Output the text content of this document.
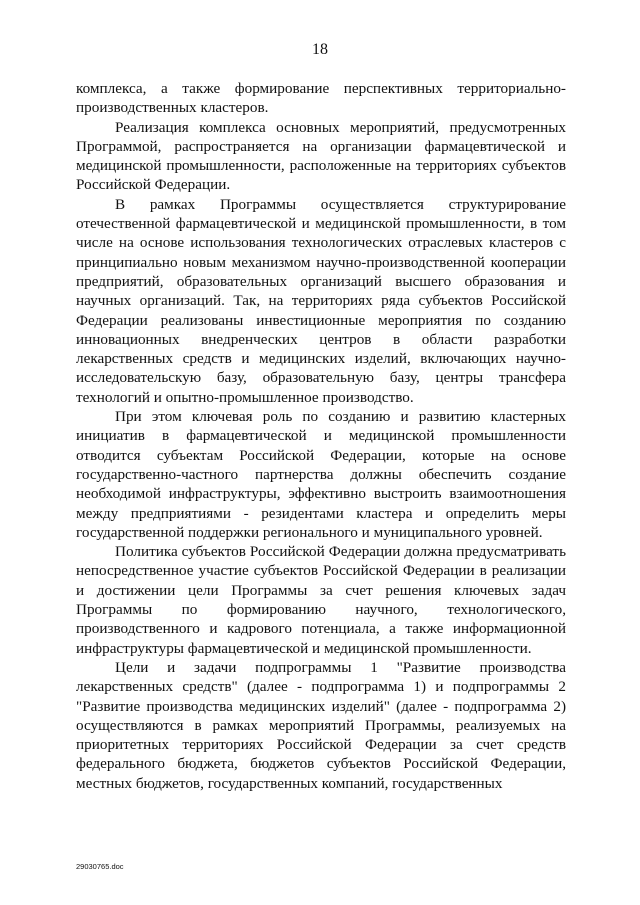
18

комплекса, а также формирование перспективных территориально-производственных кластеров.

Реализация комплекса основных мероприятий, предусмотренных Программой, распространяется на организации фармацевтической и медицинской промышленности, расположенные на территориях субъектов Российской Федерации.

В рамках Программы осуществляется структурирование отечественной фармацевтической и медицинской промышленности, в том числе на основе использования технологических отраслевых кластеров с принципиально новым механизмом научно-производственной кооперации предприятий, образовательных организаций высшего образования и научных организаций. Так, на территориях ряда субъектов Российской Федерации реализованы инвестиционные мероприятия по созданию инновационных внедренческих центров в области разработки лекарственных средств и медицинских изделий, включающих научно-исследовательскую базу, образовательную базу, центры трансфера технологий и опытно-промышленное производство.

При этом ключевая роль по созданию и развитию кластерных инициатив в фармацевтической и медицинской промышленности отводится субъектам Российской Федерации, которые на основе государственно-частного партнерства должны обеспечить создание необходимой инфраструктуры, эффективно выстроить взаимоотношения между предприятиями - резидентами кластера и определить меры государственной поддержки регионального и муниципального уровней.

Политика субъектов Российской Федерации должна предусматривать непосредственное участие субъектов Российской Федерации в реализации и достижении цели Программы за счет решения ключевых задач Программы по формированию научного, технологического, производственного и кадрового потенциала, а также информационной инфраструктуры фармацевтической и медицинской промышленности.

Цели и задачи подпрограммы 1 "Развитие производства лекарственных средств" (далее - подпрограмма 1) и подпрограммы 2 "Развитие производства медицинских изделий" (далее - подпрограмма 2) осуществляются в рамках мероприятий Программы, реализуемых на приоритетных территориях Российской Федерации за счет средств федерального бюджета, бюджетов субъектов Российской Федерации, местных бюджетов, государственных компаний, государственных

29030765.doc
